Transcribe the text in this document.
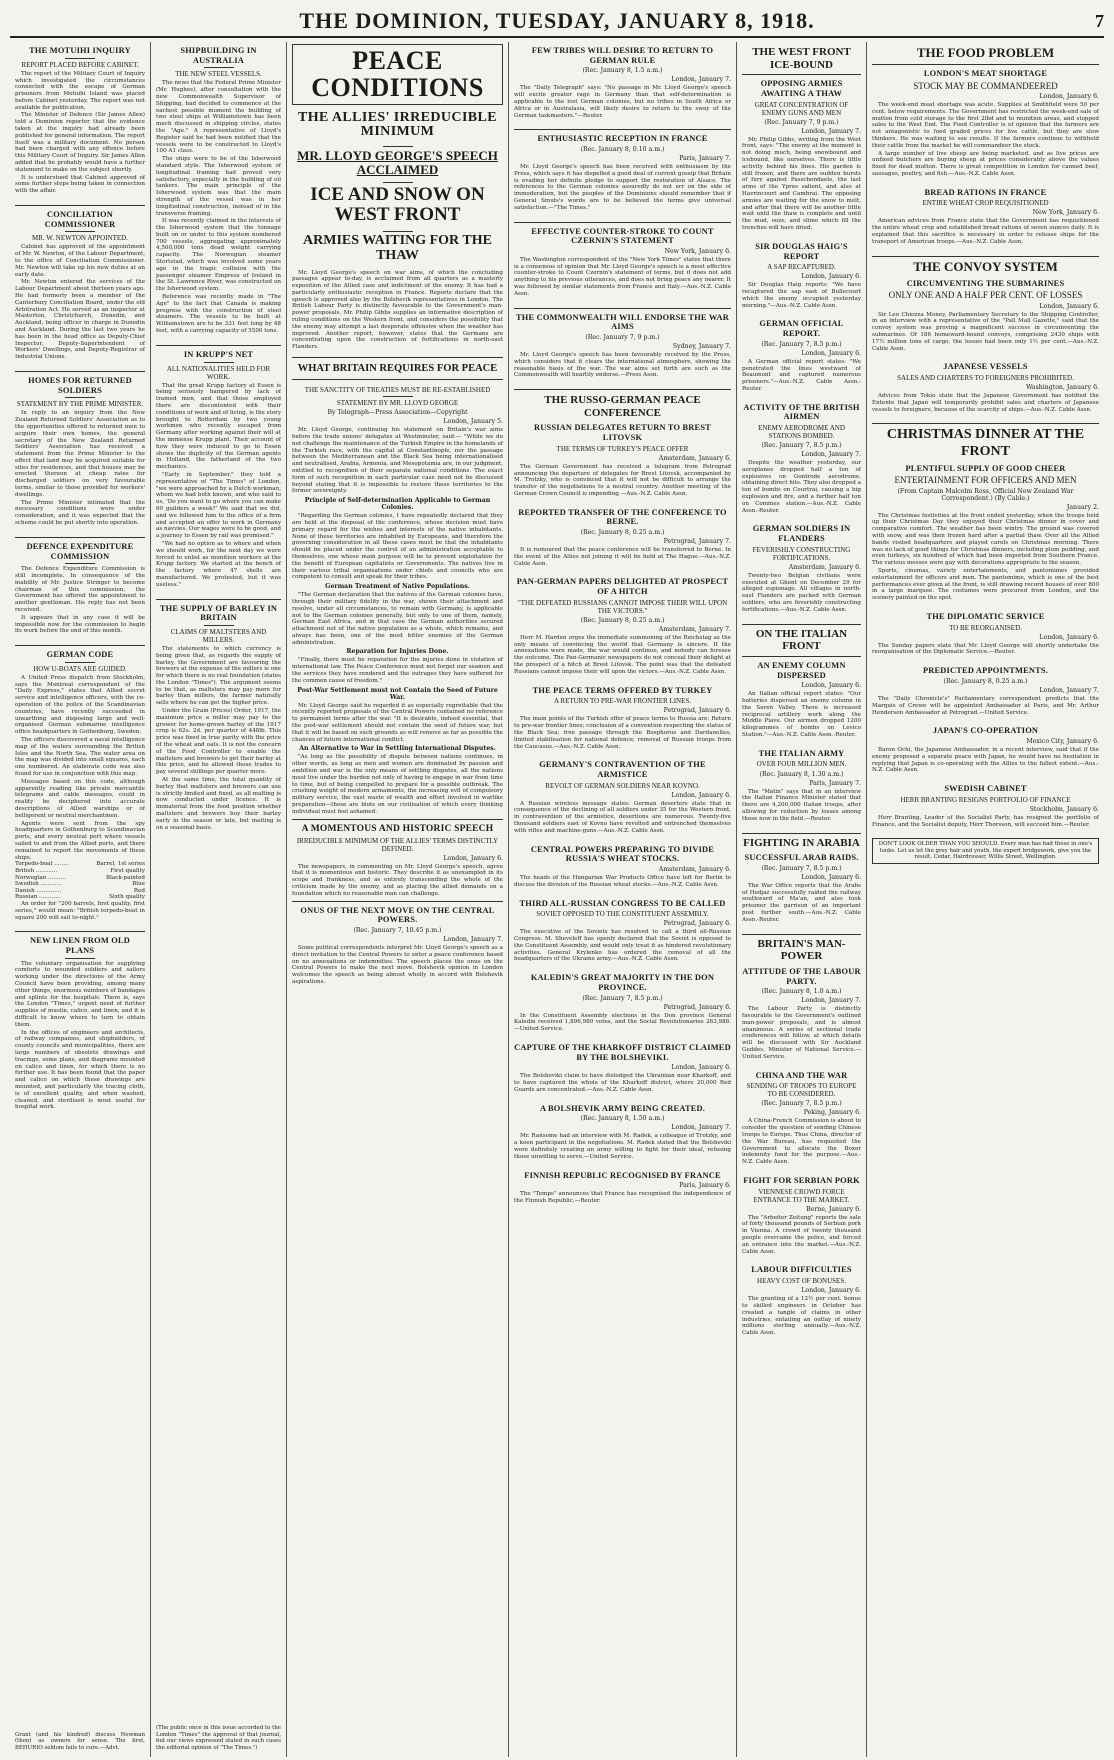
THE DOMINION, TUESDAY, JANUARY 8, 1918.	7
THE MOTUIHI INQUIRY
REPORT PLACED BEFORE CABINET.

The report of the Military Court of Inquiry which investigated the circumstances connected with the escape of German prisoners from Motuihi Island was placed before Cabinet yesterday. The report was not available for publication.

The Minister of Defence (Sir James Allen) told a Dominion reporter that the evidence taken at the inquiry had already been published for general information. The report itself was a military document. No person had been charged with any offence before this Military Court of Inquiry. Sir James Allen added that he probably would have a further statement to make on the subject shortly.

It is understood that Cabinet approved of some further steps being taken in connection with the affair.

CONCILIATION COMMISSIONER
MR. W. NEWTON APPOINTED.

Cabinet has approved of the appointment of Mr. W. Newton, of the Labour Department, to the office of Conciliation Commissioner. Mr. Newton will take up his new duties at an early date.

Mr. Newton entered the services of the Labour Department about thirteen years ago. He had formerly been a member of the Canterbury Conciliation Board, under the old Arbitration Act. He served as an inspector at Masterton, Christchurch, Dunedin, and Auckland, being officer in charge in Dunedin and Auckland. During the last two years he has been in the head office as Deputy-Chief Inspector, Deputy-Superintendent of Workers' Dwellings, and Deputy-Registrar of Industrial Unions.

HOMES FOR RETURNED SOLDIERS
STATEMENT BY THE PRIME MINISTER.

In reply to an inquiry from the New Zealand Returned Soldiers' Association as to the opportunities offered to returned men to acquire their own homes, the general secretary of the New Zealand Returned Soldiers' Association has received a statement from the Prime Minister to the effect that land may be acquired suitable for sites for residences, and that houses may be erected thereon at cheap rates for discharged soldiers on very favourable terms, similar to those provided for workers' dwellings.

The Prime Minister intimated that the necessary conditions were under consideration, and it was expected that the scheme could be put shortly into operation.

DEFENCE EXPENDITURE COMMISSION

The Defence Expenditure Commission is still incomplete. In consequence of the inability of Mr. Justice Stringer to become chairman of this commission, the Government has offered the appointment to another gentleman. His reply has not been received.

It appears that in any case it will be impossible now for the commission to begin its work before the end of this month.

GERMAN CODE
HOW U-BOATS ARE GUIDED.

A United Press dispatch from Stockholm, says the Montreal correspondent of the "Daily Express," states that Allied secret service and intelligence officers, with the co-operation of the police of the Scandinavian countries, have recently succeeded in unearthing and disposing large and well-organised German submarine intelligence office headquarters in Gothenburg, Sweden.

The officers discovered a naval intelligence map of the waters surrounding the British Isles and the North Sea. The water area on the map was divided into small squares, each one numbered. An elaborate code was also found for use in conjunction with this map.

Messages based on this code, although apparently reading like private mercantile telegrams and cable messages, could in reality be deciphered into accurate descriptions of Allied warships or of belligerent or neutral merchantmen.

Agents were sent from the spy headquarters in Gothenburg to Scandinavian ports, and every neutral port where vessels sailed to and from the Allied ports, and there remained to report the movements of these ships.

Torpedo-boat ........	Barrel, 1st series
British ............	First quality
Norwegian ..........	Black-painted
Swedish ............	Blue
Danish ..............	Red
Russian ............	Sixth quality

An order for "200 barrels, first quality, first series," would mean: "British torpedo-boat in square 200 will sail to-night."

NEW LINEN FROM OLD PLANS

The voluntary organisation for supplying comforts to wounded soldiers and sailors working under the directions of the Army Council have been providing, among many other things, enormous numbers of bandages and splints for the hospitals. There is, says the London "Times," urgent need of further supplies of muslin, calico, and linen, and it is difficult to know where to turn to obtain them.

In the offices of engineers and architects, of railway companies, and shipbuilders, of county councils and municipalities, there are large numbers of obsolete drawings and tracings, some plans, and diagrams mounted on calico and linen, for which there is no further use. It has been found that the paper and calico on which these drawings are mounted, and particularly the tracing cloth, is of excellent quality, and when washed, cleaned, and sterilised is most useful for hospital work.

Grant (and his kindred) discuss Newman (then) as owners for sense. The first, BEHURIO seldom fails to cure.—Advt.
SHIPBUILDING IN AUSTRALIA
THE NEW STEEL VESSELS.

The news that the Federal Prime Minister (Mr. Hughes), after consultation with the new Commonwealth Supervisor of Shipping, had decided to commence at the earliest possible moment the building of two steel ships at Williamstown has been much discussed in shipping circles, states the "Age." A representative of Lloyd's Register said he had been notified that the vessels were to be constructed to Lloyd's 100 A1 class.

The ships were to be of the Isherwood standard style. The Isherwood system of longitudinal framing had proved very satisfactory, especially in the building of oil tankers. The main principle of the Isherwood system was that the main strength of the vessel was in her longitudinal construction, instead of in the transverse framing.

It was recently claimed in the interests of the Isherwood system that the tonnage built on or under to this system numbered 700 vessels, aggregating approximately 4,500,000 tons dead weight carrying capacity. The Norwegian steamer Stortstad, which was involved some years ago in the tragic collision with the passenger steamer Empress of Ireland in the St. Lawrence River, was constructed on the Isherwood system.

Reference was recently made in "The Age" to the fact that Canada is making progress with the construction of steel steamers. The vessels to be built at Williamstown are to be 331 feet long by 48 feet, with a carrying capacity of 5500 tons.

IN KRUPP'S NET
ALL NATIONALITIES HELD FOR WORK.

That the great Krupp factory at Essen is being seriously hampered by lack of trained men, and that those employed there are discontented with their conditions of work and of living, is the story brought to Rotterdam by two young workmen who recently escaped from Germany after working against their will at the immense Krupp plant. Their account of how they were induced to go to Essen shows the duplicity of the German agents in Holland, the fatherland of the two mechanics.

"Early in September," they told a representative of "The Times" of London, "we were approached by a Dutch workman, whom we had both known, and who said to us, 'Do you want to go where you can make 60 guilders a week?' We said that we did, and we followed him to the office of a firm and accepted an offer to work in Germany as navvies. Our wages were to be good, and a journey to Essen by rail was promised."

"We had no option as to where and when we should work, for the next day we were forced to enlist as munition workers at the Krupp factory. We started at the bench of the factory where 47 shells are manufactured. We protested, but it was useless."

THE SUPPLY OF BARLEY IN BRITAIN
CLAIMS OF MALTSTERS AND MILLERS.

The statements to which currency is being given that, as regards the supply of barley, the Government are favouring the brewers at the expense of the millers is one for which there is no real foundation (states the London "Times"). The argument seems to be that, as maltsters may pay more for barley than millers, the farmer naturally sells where he can get the higher price.

Under the Grain (Prices) Order, 1917, the maximum price a miller may pay to the grower for home-grown barley of the 1917 crop is 62s. 2d. per quarter of 448lb. This price was fixed in true parity with the price of the wheat and oats. It is not the concern of the Food Controller to enable the maltsters and brewers to get their barley at this price, and he allowed those trades to pay several shillings per quarter more.

At the same time, the total quantity of barley that maltsters and brewers can use is strictly limited and fixed, as all malting is now conducted under licence. It is immaterial from the food position whether maltsters and brewers buy their barley early in the season or late, but malting is on a seasonal basis.

(The public once in this issue accorded to the London "Times" the approval of that journal, but our views expressed stated in such cases the editorial opinion of "The Times.")
PEACE CONDITIONS
THE ALLIES' IRREDUCIBLE MINIMUM
MR. LLOYD GEORGE'S SPEECH ACCLAIMED
ICE AND SNOW ON WEST FRONT
ARMIES WAITING FOR THE THAW

Mr. Lloyd George's speech on war aims, of which the concluding passages appear to-day, is acclaimed from all quarters as a masterly exposition of the Allied case and indictment of the enemy. It has had a particularly enthusiastic reception in France. Reports declare that the speech is approved also by the Bolshevik representatives in London. The British Labour Party is distinctly favourable to the Government's man-power proposals. Mr. Philip Gibbs supplies an informative description of ruling conditions on the Western front, and considers the possibility that the enemy may attempt a last desperate offensive when the weather has improved. Another report, however, states that the Germans are concentrating upon the construction of fortifications in north-east Flanders.

WHAT BRITAIN REQUIRES FOR PEACE
THE SANCTITY OF TREATIES MUST BE RE-ESTABLISHED
STATEMENT BY MR. LLOYD GEORGE
By Telegraph—Press Association—Copyright
London, January 5.

Mr. Lloyd George, continuing his statement on Britain's war aims before the trade unions' delegates at Westminster, said:— "While we do not challenge the maintenance of the Turkish Empire in the homelands of the Turkish race, with the capital at Constantinople, nor the passage between the Mediterranean and the Black Sea being internationalised and neutralised, Arabia, Armenia, and Mesopotamia are, in our judgment, entitled to recognition of their separate national conditions. The exact form of such recognition in each particular case need not be discussed beyond stating that it is impossible to restore these territories to the former sovereignty.

Principle of Self-determination Applicable to German Colonies.

"Regarding the German colonies, I have repeatedly declared that they are held at the disposal of the conference, whose decision must have primary regard for the wishes and interests of the native inhabitants. None of these territories are inhabited by Europeans, and therefore the governing consideration in all these cases must be that the inhabitants should be placed under the control of an administration acceptable to themselves, one whose main purpose will be to prevent exploitation for the benefit of European capitalists or Governments. The natives live in their various tribal organisations under chiefs and councils who are competent to consult and speak for their tribes.

German Treatment of Native Populations.

"The German declaration that the natives of the German colonies have, through their military fidelity in the war, shown their attachment and resolve, under all circumstances, to remain with Germany, is applicable not to the German colonies generally, but only to one of them, namely, German East Africa, and in that case the German authorities secured attachment not of the native population as a whole, which remains, and always has been, one of the most bitter enemies of the German administration.

Reparation for Injuries Done.

"Finally, there must be reparation for the injuries done in violation of international law. The Peace Conference must not forget our seamen and the services they have rendered and the outrages they have suffered for the common cause of freedom."

Post-War Settlement must not Contain the Seed of Future War.

Mr. Lloyd George said he regarded it as especially regrettable that the recently reported proposals of the Central Powers contained no reference to permanent terms after the war. "It is desirable, indeed essential, that the post-war settlement should not contain the seed of future war, but that it will be based on such grounds as will remove as far as possible the chances of future international conflict.

An Alternative to War in Settling International Disputes.

"As long as the possibility of dispute between nations continues, in other words, as long as men and women are dominated by passion and ambition and war is the only means of settling disputes, all the nations must live under the burden not only of having to engage in war from time to time, but of being compelled to prepare for a possible outbreak. The crushing weight of modern armaments, the increasing evil of compulsory military service, the vast waste of wealth and effort involved in warlike preparation—these are blots on our civilisation of which every thinking individual must feel ashamed.

A MOMENTOUS AND HISTORIC SPEECH
IRREDUCIBLE MINIMUM OF THE ALLIES' TERMS DISTINCTLY DEFINED.
London, January 6.

The newspapers, in commenting on Mr. Lloyd George's speech, agree that it is momentous and historic. They describe it as unexampled in its scope and frankness, and as entirely transcending the whole of the criticism made by the enemy, and as placing the allied demands on a foundation which no reasonable man can challenge.

ONUS OF THE NEXT MOVE ON THE CENTRAL POWERS.
(Rec. January 7, 10.45 p.m.)
London, January 7.

Some political correspondents interpret Mr. Lloyd George's speech as a direct invitation to the Central Powers to enter a peace conference based on no annexations or indemnities. The speech places the onus on the Central Powers to make the next move. Bolshevik opinion in London welcomes the speech as being almost wholly in accord with Bolshevik aspirations.

FEW TRIBES WILL DESIRE TO RETURN TO GERMAN RULE
(Rec. January 8, 1.5 a.m.)
London, January 7.

The "Daily Telegraph" says: "No passage in Mr. Lloyd George's speech will excite greater rage in Germany than that self-determination is applicable to the lost German colonies, but no tribes in South Africa or Africa or in Australasia, will likely desire to return to the sway of the German taskmasters."—Reuter.

ENTHUSIASTIC RECEPTION IN FRANCE
(Rec. January 8, 0.10 a.m.)
Paris, January 7.

Mr. Lloyd George's speech has been received with enthusiasm by the Press, which says it has dispelled a good deal of current gossip that Britain is evading her definite pledge to support the restoration of Alsace. The references to the German colonies assuredly do not err on the side of immoderation, but the peoples of the Dominions should remember that if General Smuts's words are to be believed the terms give universal satisfaction.—"The Times."

EFFECTIVE COUNTER-STROKE TO COUNT CZERNIN'S STATEMENT
New York, January 6.

The Washington correspondent of the "New York Times" states that there is a consensus of opinion that Mr. Lloyd George's speech is a most effective counter-stroke to Count Czernin's statement of terms, but it does not add anything to his previous utterances, and does not bring peace any nearer. It was followed by similar statements from France and Italy.—Aus.-N.Z. Cable Assn.

THE COMMONWEALTH WILL ENDORSE THE WAR AIMS
(Rec. January 7, 9 p.m.)
Sydney, January 7.

Mr. Lloyd George's speech has been favourably received by the Press, which considers that it clears the international atmosphere, showing the reasonable basis of the war. The war aims set forth are such as the Commonwealth will heartily endorse.—Press Assn.

THE RUSSO-GERMAN PEACE CONFERENCE
RUSSIAN DELEGATES RETURN TO BREST LITOVSK
THE TERMS OF TURKEY'S PEACE OFFER
Amsterdam, January 6.

The German Government has received a telegram from Petrograd announcing the departure of delegates for Brest Litovsk, accompanied by M. Trotzky, who is convinced that it will not be difficult to arrange the transfer of the negotiations to a neutral country. Another meeting of the German Crown Council is impending.—Aus.-N.Z. Cable Assn.

REPORTED TRANSFER OF THE CONFERENCE TO BERNE.
(Rec. January 8, 0.25 a.m.)
Petrograd, January 7.

It is rumoured that the peace conference will be transferred to Berne. In the event of the Allies not joining it will be held at The Hague.—Aus.-N.Z. Cable Assn.

PAN-GERMAN PAPERS DELIGHTED AT PROSPECT OF A HITCH
"THE DEFEATED RUSSIANS CANNOT IMPOSE THEIR WILL UPON THE VICTORS."
(Rec. January 8, 0.25 a.m.)
Amsterdam, January 7.

Herr M. Harden urges the immediate summoning of the Reichstag as the only means of convincing the world that Germany is sincere. If the annexations were made, the war would continue, and nobody can foresee the outcome. The Pan-Germanic newspapers do not conceal their delight at the prospect of a hitch at Brest Litovsk. The point was that the defeated Russians cannot impose their will upon the victors.—Aus.-N.Z. Cable Assn.

THE PEACE TERMS OFFERED BY TURKEY
A RETURN TO PRE-WAR FRONTIER LINES.
Petrograd, January 6.

The main points of the Turkish offer of peace terms to Russia are: Return to pre-war frontier lines; conclusion of a convention respecting the status of the Black Sea; free passage through the Bosphorus and Dardanelles; limited stabilisation for national defence; removal of Russian troops from the Caucasus.—Aus.-N.Z. Cable Assn.

GERMANY'S CONTRAVENTION OF THE ARMISTICE
REVOLT OF GERMAN SOLDIERS NEAR KOVNO.
London, January 6.

A Russian wireless message states: German deserters state that in consequence of the declining of all soldiers under 35 for the Western front, in contravention of the armistice, desertions are numerous. Twenty-five thousand soldiers east of Kovno have revolted and entrenched themselves with rifles and machine-guns.—Aus.-N.Z. Cable Assn.

CENTRAL POWERS PREPARING TO DIVIDE RUSSIA'S WHEAT STOCKS.
Amsterdam, January 6.

The heads of the Hungarian War Products Office have left for Berlin to discuss the division of the Russian wheat stocks.—Aus.-N.Z. Cable Assn.

THIRD ALL-RUSSIAN CONGRESS TO BE CALLED
SOVIET OPPOSED TO THE CONSTITUENT ASSEMBLY.
Petrograd, January 6.

The executive of the Soviets has resolved to call a third all-Russian Congress. M. Sheveleff has openly declared that the Soviet is opposed to the Constituent Assembly, and would only treat it as hindered revolutionary activities. General Krylenko has ordered the removal of all the headquarters of the Ukraine army.—Aus.-N.Z. Cable Assn.

KALEDIN'S GREAT MAJORITY IN THE DON PROVINCE.
(Rec. January 7, 8.5 p.m.)
Petrograd, January 6.

In the Constituent Assembly elections in the Don province General Kaledin received 1,896,980 votes, and the Social Revolutionaries 263,988.—United Service.

CAPTURE OF THE KHARKOFF DISTRICT CLAIMED BY THE BOLSHEVIKI.
London, January 6.

The Bolsheviki claim to have dislodged the Ukrainian near Kharkoff, and to have captured the whole of the Kharkoff district, where 20,000 Red Guards are concentrated.—Aus.-N.Z. Cable Assn.

A BOLSHEVIK ARMY BEING CREATED.
(Rec. January 8, 1.50 a.m.)
London, January 7.

Mr. Ransome had an interview with M. Radek, a colleague of Trotzky, and a keen participant in the negotiations. M. Radek stated that the Bolsheviki were definitely creating an army willing to fight for their ideal, refusing those unwilling to serve.—United Service.

FINNISH REPUBLIC RECOGNISED BY FRANCE
Paris, January 6.

The "Temps" announces that France has recognised the independence of the Finnish Republic.—Reuter.

THE WEST FRONT ICE-BOUND
OPPOSING ARMIES AWAITING A THAW
GREAT CONCENTRATION OF ENEMY GUNS AND MEN
(Rec. January 7, 9 p.m.)
London, January 7.

Mr. Philip Gibbs, writing from the West front, says: "The enemy at the moment is not doing much, being snowbound and icebound, like ourselves. There is little activity behind his lines. His garden is still frozen, and there are sudden bursts of fury against Passchendaele, the last arms of the Ypres salient, and also at Havrincourt and Cambrai. The opposing armies are waiting for the snow to melt, and after that there will be another little wait until the thaw is complete and until the mud, ooze, and slime which fill the trenches will have dried.

SIR DOUGLAS HAIG'S REPORT
A SAP RECAPTURED.
London, January 6.

Sir Douglas Haig reports: "We have recaptured the sap east of Bullecourt which the enemy occupied yesterday morning."—Aus.-N.Z. Cable Assn.

GERMAN OFFICIAL REPORT.
(Rec. January 7, 8.5 p.m.)
London, January 6.

A German official report states: "We penetrated the lines westward of Beaumont and captured numerous prisoners."—Aus.-N.Z. Cable Assn.-Reuter.

ACTIVITY OF THE BRITISH AIRMEN
ENEMY AERODROME AND STATIONS BOMBED.
(Rec. January 7, 8.5 p.m.)
London, January 7.

Despite the weather yesterday, our aeroplanes dropped half a ton of explosives on Gontrode aerodrome, obtaining direct hits. They also dropped a ton of bombs on Courtrai, causing a big explosion and fire, and a further half ton on Comines station.—Aus.-N.Z. Cable Assn.-Reuter.

GERMAN SOLDIERS IN FLANDERS
FEVERISHLY CONSTRUCTING FORTIFICATIONS.
Amsterdam, January 6.

Twenty-two Belgian civilians were executed at Ghent on December 29 for alleged espionage. All villages in north-east Flanders are packed with German soldiers, who are feverishly constructing fortifications.—Aus.-N.Z. Cable Assn.

ON THE ITALIAN FRONT
AN ENEMY COLUMN DISPERSED
London, January 6.

An Italian official report states: "Our batteries dispersed an enemy column in the Seren Valley. There is increased reciprocal artillery work along the Middle Piave. Our airmen dropped 1200 kilogrammes of bombs on Levico Station."—Aus.-N.Z. Cable Assn.-Reuter.

THE ITALIAN ARMY
OVER FOUR MILLION MEN.
(Rec. January 8, 1.30 a.m.)
Paris, January 7.

The "Matin" says that in an interview the Italian Finance Minister stated that there are 4,200,000 Italian troops, after allowing for reduction by losses among those now in the field.—Reuter.

FIGHTING IN ARABIA
SUCCESSFUL ARAB RAIDS.
(Rec. January 7, 8.5 p.m.)
London, January 6.

The War Office reports that the Arabs of Hedjaz successfully raided the railway southward of Ma'an, and also took prisoner the garrison of an important post further south.—Aus.-N.Z. Cable Assn.-Reuter.

BRITAIN'S MAN-POWER
ATTITUDE OF THE LABOUR PARTY.
(Rec. January 8, 1.0 a.m.)
London, January 7.

The Labour Party is distinctly favourable to the Government's outlined man-power proposals, and is almost unanimous. A series of sectional trade conferences will follow, at which details will be discussed with Sir Auckland Geddes, Minister of National Service.—United Service.

CHINA AND THE WAR
SENDING OF TROOPS TO EUROPE TO BE CONSIDERED.
(Rec. January 7, 8.5 p.m.)
Peking, January 6.

A China-French Commission is about to consider the question of sending Chinese troops to Europe. Thus China, director of the War Bureau, has requested the Government to allocate the Boxer indemnity fund for the purpose.—Aus.-N.Z. Cable Assn.

FIGHT FOR SERBIAN PORK
VIENNESE CROWD FORCE ENTRANCE TO THE MARKET.
Berne, January 6.

The "Arbeiter Zeitung" reports the sale of forty thousand pounds of Serbian pork in Vienna. A crowd of twenty thousand people overcame the police, and forced an entrance into the market.—Aus.-N.Z. Cable Assn.

LABOUR DIFFICULTIES
HEAVY COST OF BONUSES.
London, January 6.

The granting of a 12½ per cent. bonus to skilled engineers in October has created a tangle of claims in other industries, entailing an outlay of ninety millions sterling annually.—Aus.-N.Z. Cable Assn.

THE FOOD PROBLEM
LONDON'S MEAT SHORTAGE
STOCK MAY BE COMMANDEERED
London, January 6.

The week-end meat shortage was acute. Supplies at Smithfield were 50 per cent. below requirements. The Government has restricted the week-end sale of mutton from cold storage to the first 2lbd and to munition areas, and stopped sales to the West End. The Food Controller is of opinion that the farmers are not antagonistic to foed graded prices for live cattle, but they are slow thinkers. He was waiting to see results. If the farmers continue to withhold their cattle from the market he will commandeer the stock.

A large number of live sheep are being marketed, and as live prices are unfixed butchers are buying sheep at prices considerably above the values fixed for dead mutton. There is great competition in London for canned beef, sausages, poultry, and fish.—Aus.-N.Z. Cable Assn.

BREAD RATIONS IN FRANCE
ENTIRE WHEAT CROP REQUISITIONED
New York, January 6.

American advices from France state that the Government has requisitioned the entire wheat crop and established bread rations of seven ounces daily. It is explained that this sacrifice is necessary in order to release ships for the transport of American troops.—Aus.-N.Z. Cable Assn.

THE CONVOY SYSTEM
CIRCUMVENTING THE SUBMARINES
ONLY ONE AND A HALF PER CENT. OF LOSSES
London, January 6.

Sir Leo Chiozza Money, Parliamentary Secretary to the Shipping Controller, in an interview with a representative of the "Pall Mall Gazette," said that the convoy system was proving a magnificent success in circumventing the submarines. Of 186 homeward-bound convoys, comprising 2430 ships with 17½ million tons of cargo, the losses had been only 1½ per cent.—Aus.-N.Z. Cable Assn.

JAPANESE VESSELS
SALES AND CHARTERS TO FOREIGNERS PROHIBITED.
Washington, January 6.

Advices from Tokio state that the Japanese Government has notified the Entente that Japan will temporarily prohibit sales and charters of Japanese vessels to foreigners, because of the scarcity of ships.—Aus.-N.Z. Cable Assn.

CHRISTMAS DINNER AT THE FRONT
PLENTIFUL SUPPLY OF GOOD CHEER
ENTERTAINMENT FOR OFFICERS AND MEN
(From Captain Malcolm Ross, Official New Zealand War Correspondent.) (By Cable.)
January 2.

The Christmas festivities at the front ended yesterday, when the troops held up their Christmas Day they enjoyed their Christmas dinner in cover and comparative comfort. The weather has been wintry. The ground was covered with snow, and was then frozen hard after a partial thaw. Over all the Allied bands visited headquarters and played carols on Christmas morning. There was no lack of good things for Christmas dinners, including plum pudding, and even turkeys, six hundred of which had been imported from Southern France. The various messes were gay with decorations appropriate to the season.

Sports, cinemas, variety entertainments, and pantomimes provided entertainment for officers and men. The pantomime, which is one of the best performances ever given at the front, is still drawing record houses of over 800 in a large marquee. The costumes were procured from London, and the scenery painted on the spot.

THE DIPLOMATIC SERVICE
TO BE REORGANISED.
London, January 6.

The Sunday papers state that Mr. Lloyd George will shortly undertake the reorganisation of the Diplomatic Service.—Reuter.

PREDICTED APPOINTMENTS.
(Rec. January 8, 0.25 a.m.)
London, January 7.

The "Daily Chronicle's" Parliamentary correspondent predicts that the Marquis of Crewe will be appointed Ambassador at Paris, and Mr. Arthur Henderson Ambassador at Petrograd.—United Service.

JAPAN'S CO-OPERATION
Mexico City, January 6.

Baron Ochi, the Japanese Ambassador, in a recent interview, said that if the enemy proposed a separate peace with Japan, he would have no hesitation in replying that Japan is co-operating with the Allies to the fullest extent.—Aus.-N.Z. Cable Assn.

SWEDISH CABINET
HERR BRANTING RESIGNS PORTFOLIO OF FINANCE
Stockholm, January 6.

Herr Branting, Leader of the Socialist Party, has resigned the portfolio of Finance, and the Socialist deputy, Herr Thorsson, will succeed him.—Reuter.

DON'T LOOK OLDER THAN YOU SHOULD. Every man has had those in one's looks. Let us let the grey hair and youth, the expert bridgework, give you the result. Cedar, Hairdresser, Willis Street, Wellington.
